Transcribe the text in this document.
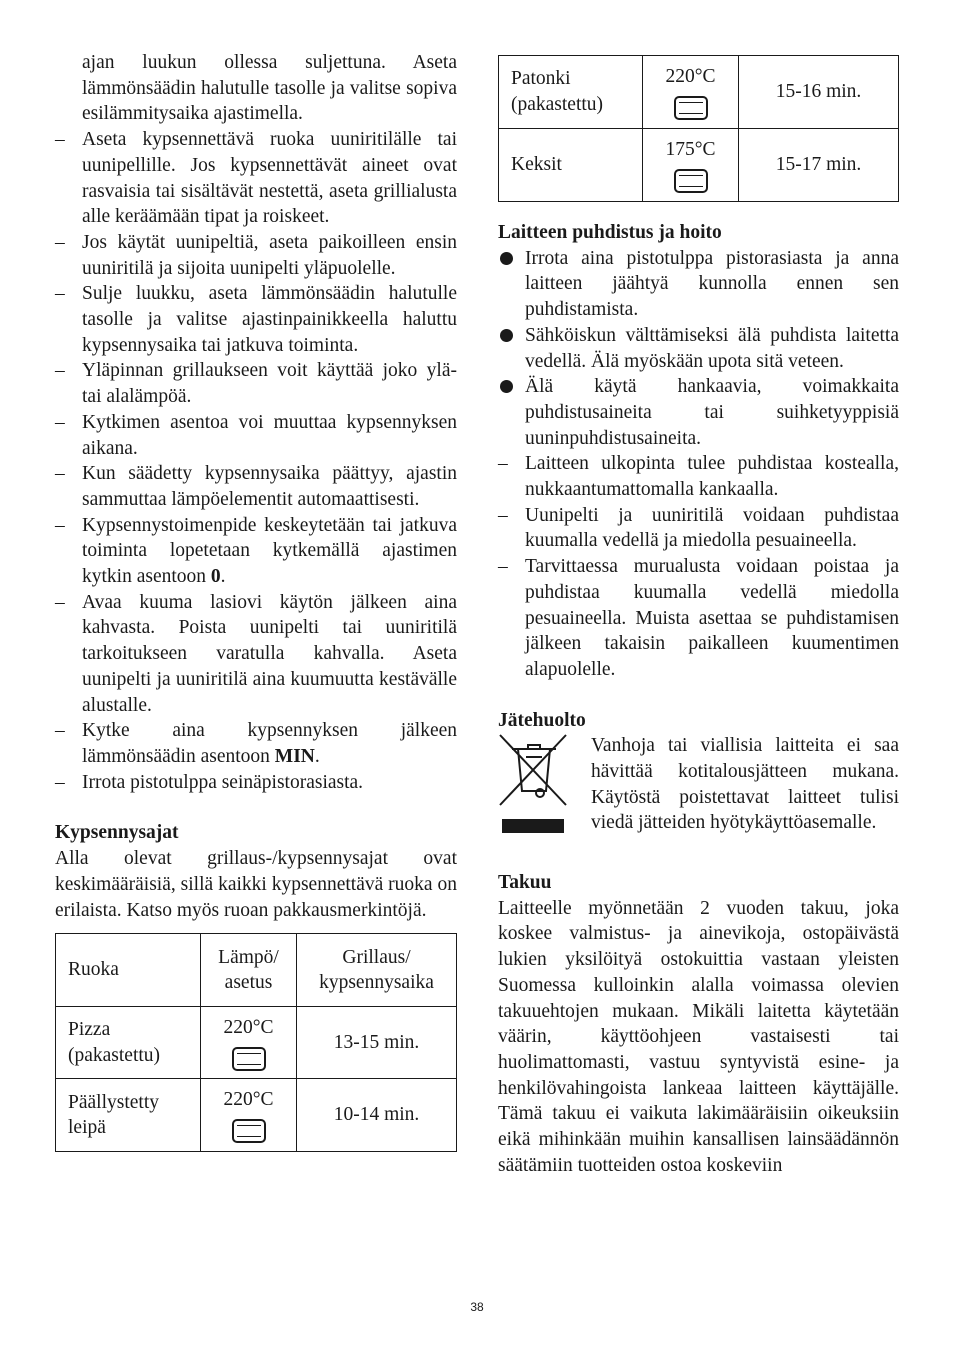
ajan luukun ollessa suljettuna. Aseta lämmönsäädin halutulle tasolle ja valitse sopiva esilämmitysaika ajastimella.

– Aseta kypsennettävä ruoka uuniritilälle tai uunipellille. Jos kypsennettävät aineet ovat rasvaisia tai sisältävät nestettä, aseta grillialusta alle keräämään tipat ja roiskeet.
– Jos käytät uunipeltiä, aseta paikoilleen ensin uuniritilä ja sijoita uunipelti yläpuolelle.
– Sulje luukku, aseta lämmönsäädin halutulle tasolle ja valitse ajastinpainikkeella haluttu kypsennysaika tai jatkuva toiminta.
– Yläpinnan grillaukseen voit käyttää joko ylä- tai alalämpöä.
– Kytkimen asentoa voi muuttaa kypsennyksen aikana.
– Kun säädetty kypsennysaika päättyy, ajastin sammuttaa lämpöelementit automaattisesti.
– Kypsennystoimenpide keskeytetään tai jatkuva toiminta lopetetaan kytkemällä ajastimen kytkin asentoon 0.
– Avaa kuuma lasiovi käytön jälkeen aina kahvasta. Poista uunipelti tai uuniritilä tarkoitukseen varatulla kahvalla. Aseta uunipelti ja uuniritilä aina kuumuutta kestävälle alustalle.
– Kytke aina kypsennyksen jälkeen lämmönsäädin asentoon MIN.
– Irrota pistotulppa seinäpistorasiasta.
Kypsennysajat

Alla olevat grillaus-/kypsennysajat ovat keskimääräisiä, sillä kaikki kypsennettävä ruoka on erilaista. Katso myös ruoan pakkausmerkintöjä.

Ruoka	Lämpö/ asetus	Grillaus/ kypsennysaika
Pizza (pakastettu)	220°C	13-15 min.
Päällystetty leipä	220°C	10-14 min.
Patonki (pakastettu)	220°C	15-16 min.
Keksit	175°C	15-17 min.
Laitteen puhdistus ja hoito
Irrota aina pistotulppa pistorasiasta ja anna laitteen jäähtyä kunnolla ennen sen puhdistamista.
Sähköiskun välttämiseksi älä puhdista laitetta vedellä. Älä myöskään upota sitä veteen.
Älä käytä hankaavia, voimakkaita puhdistusaineita tai suihketyyppisiä uuninpuhdistusaineita.
– Laitteen ulkopinta tulee puhdistaa kostealla, nukkaantumattomalla kankaalla.
– Uunipelti ja uuniritilä voidaan puhdistaa kuumalla vedellä ja miedolla pesuaineella.
– Tarvittaessa murualusta voidaan poistaa ja puhdistaa kuumalla vedellä miedolla pesuaineella. Muista asettaa se puhdistamisen jälkeen takaisin paikalleen kuumentimen alapuolelle.
Jätehuolto

Vanhoja tai viallisia laitteita ei saa hävittää kotitalousjätteen mukana. Käytöstä poistettavat laitteet tulisi viedä jätteiden hyötykäyttöasemalle.

Takuu

Laitteelle myönnetään 2 vuoden takuu, joka koskee valmistus- ja ainevikoja, ostopäivästä lukien yksilöityä ostokuittia vastaan yleisten Suomessa kulloinkin alalla voimassa olevien takuuehtojen mukaan. Mikäli laitetta käytetään väärin, käyttöohjeen vastaisesti tai huolimattomasti, vastuu syntyvistä esine- ja henkilövahingoista lankeaa laitteen käyttäjälle. Tämä takuu ei vaikuta lakimääräisiin oikeuksiin eikä mihinkään muihin kansallisen lainsäädännön säätämiin tuotteiden ostoa koskeviin

38
